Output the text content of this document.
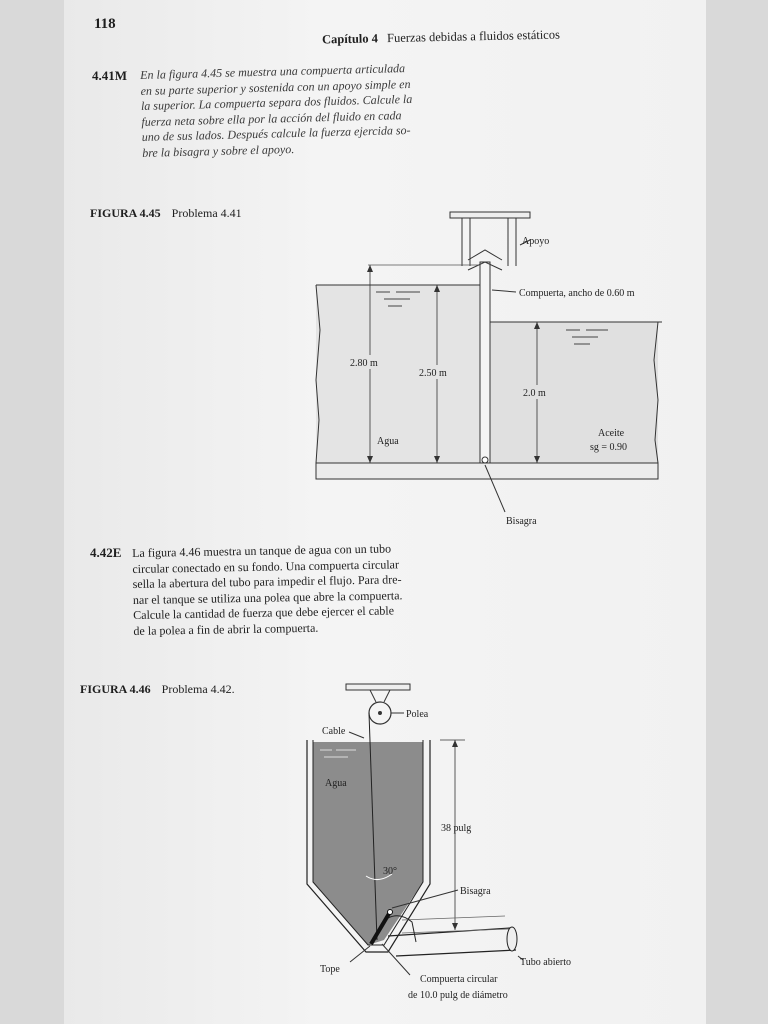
118
Capítulo 4 Fuerzas debidas a fluidos estáticos
4.41M En la figura 4.45 se muestra una compuerta articulada
en su parte superior y sostenida con un apoyo simple en
la superior. La compuerta separa dos fluidos. Calcule la
fuerza neta sobre ella por la acción del fluido en cada
uno de sus lados. Después calcule la fuerza ejercida so-
bre la bisagra y sobre el apoyo.
FIGURA 4.45 Problema 4.41
Apoyo
Compuerta, ancho de 0.60 m
2.80 m
2.50 m
2.0 m
Agua
Aceite
sg = 0.90
Bisagra
4.42E La figura 4.46 muestra un tanque de agua con un tubo
circular conectado en su fondo. Una compuerta circular
sella la abertura del tubo para impedir el flujo. Para dre-
nar el tanque se utiliza una polea que abre la compuerta.
Calcule la cantidad de fuerza que debe ejercer el cable
de la polea a fin de abrir la compuerta.
FIGURA 4.46 Problema 4.42.
Polea
Cable
Agua
30°
38 pulg
Tubo abierto
Bisagra
Tope
Compuerta circular
de 10.0 pulg de diámetro
